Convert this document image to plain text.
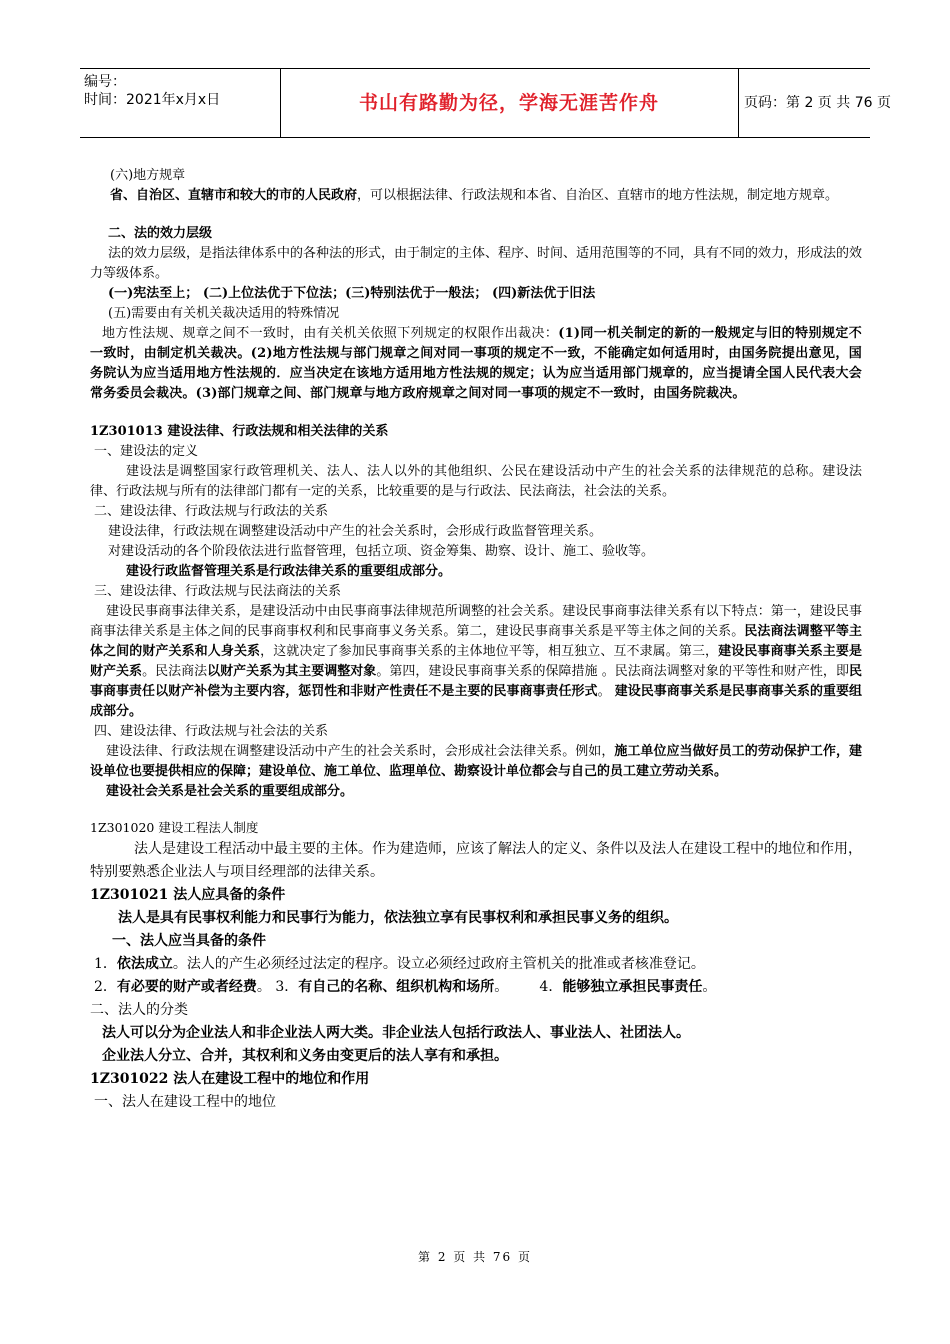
编号：
时间：2021年x月x日	书山有路勤为径，学海无涯苦作舟	页码：第 2 页 共 76 页
(六)地方规章
省、自治区、直辖市和较大的市的人民政府，可以根据法律、行政法规和本省、自治区、直辖市的地方性法规，制定地方规章。
二、法的效力层级
法的效力层级，是指法律体系中的各种法的形式，由于制定的主体、程序、时间、适用范围等的不同，具有不同的效力，形成法的效力等级体系。
(一)宪法至上； (二)上位法优于下位法；(三)特别法优于一般法； (四)新法优于旧法
(五)需要由有关机关裁决适用的特殊情况
地方性法规、规章之间不一致时，由有关机关依照下列规定的权限作出裁决：(1)同一机关制定的新的一般规定与旧的特别规定不一致时，由制定机关裁决。(2)地方性法规与部门规章之间对同一事项的规定不一致，不能确定如何适用时，由国务院提出意见，国务院认为应当适用地方性法规的．应当决定在该地方适用地方性法规的规定；认为应当适用部门规章的，应当提请全国人民代表大会常务委员会裁决。(3)部门规章之间、部门规章与地方政府规章之间对同一事项的规定不一致时，由国务院裁决。
1Z301013 建设法律、行政法规和相关法律的关系
一、建设法的定义
建设法是调整国家行政管理机关、法人、法人以外的其他组织、公民在建设活动中产生的社会关系的法律规范的总称。建设法律、行政法规与所有的法律部门都有一定的关系，比较重要的是与行政法、民法商法，社会法的关系。
二、建设法律、行政法规与行政法的关系
建设法律，行政法规在调整建设活动中产生的社会关系时，会形成行政监督管理关系。
对建设活动的各个阶段依法进行监督管理，包括立项、资金筹集、勘察、设计、施工、验收等。
建设行政监督管理关系是行政法律关系的重要组成部分。
三、建设法律、行政法规与民法商法的关系
建设民事商事法律关系，是建设活动中由民事商事法律规范所调整的社会关系。建设民事商事法律关系有以下特点：第一，建设民事商事法律关系是主体之间的民事商事权利和民事商事义务关系。第二，建设民事商事关系是平等主体之间的关系。民法商法调整平等主体之间的财产关系和人身关系，这就决定了参加民事商事关系的主体地位平等，相互独立、互不隶属。第三，建设民事商事关系主要是财产关系。民法商法以财产关系为其主要调整对象。第四，建设民事商事关系的保障措施 。民法商法调整对象的平等性和财产性，即民事商事责任以财产补偿为主要内容，惩罚性和非财产性责任不是主要的民事商事责任形式。 建设民事商事关系是民事商事关系的重要组成部分。
四、建设法律、行政法规与社会法的关系
建设法律、行政法规在调整建设活动中产生的社会关系时，会形成社会法律关系。例如，施工单位应当做好员工的劳动保护工作，建设单位也要提供相应的保障；建设单位、施工单位、监理单位、勘察设计单位都会与自己的员工建立劳动关系。
建设社会关系是社会关系的重要组成部分。
1Z301020 建设工程法人制度
法人是建设工程活动中最主要的主体。作为建造师，应该了解法人的定义、条件以及法人在建设工程中的地位和作用，特别要熟悉企业法人与项目经理部的法律关系。
1Z301021 法人应具备的条件
法人是具有民事权利能力和民事行为能力，依法独立享有民事权利和承担民事义务的组织。
一、法人应当具备的条件
1．依法成立。法人的产生必须经过法定的程序。设立必须经过政府主管机关的批准或者核准登记。
2．有必要的财产或者经费。 3．有自己的名称、组织机构和场所。       4．能够独立承担民事责任。
二、法人的分类
法人可以分为企业法人和非企业法人两大类。非企业法人包括行政法人、事业法人、社团法人。
企业法人分立、合并，其权利和义务由变更后的法人享有和承担。
1Z301022 法人在建设工程中的地位和作用
一、法人在建设工程中的地位
第 2 页 共 76 页
